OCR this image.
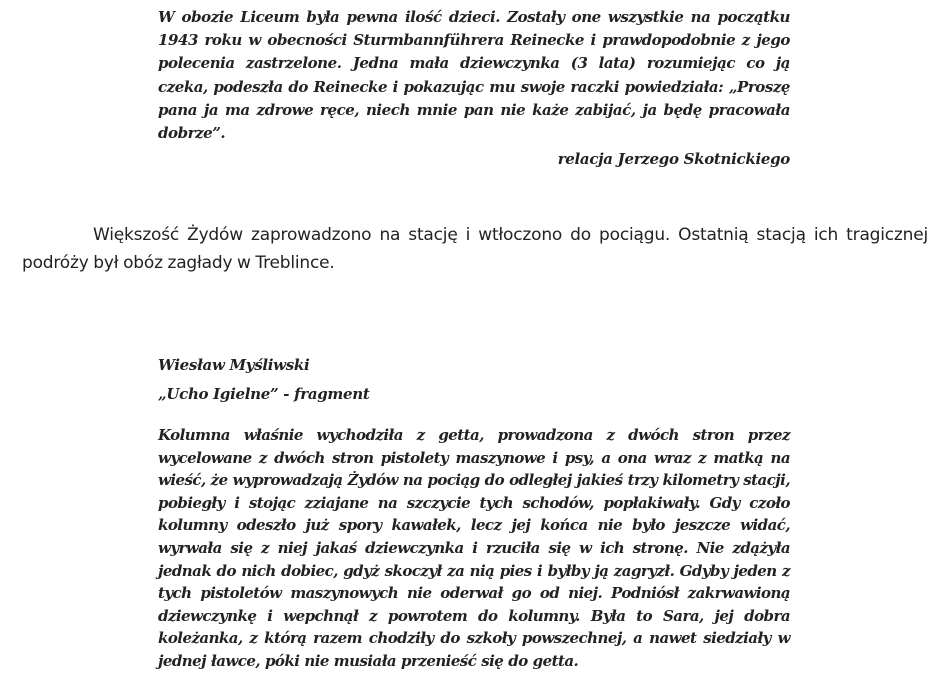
W obozie Liceum była pewna ilość dzieci. Zostały one wszystkie na początku 1943 roku w obecności Sturmbannführera Reinecke i prawdopodobnie z jego polecenia zastrzelone. Jedna mała dziewczynka (3 lata) rozumiejąc co ją czeka, podeszła do Reinecke i pokazując mu swoje raczki powiedziała: „Proszę pana ja ma zdrowe ręce, niech mnie pan nie każe zabijać, ja będę pracowała dobrze”.

relacja Jerzego Skotnickiego

Większość Żydów zaprowadzono na stację i wtłoczono do pociągu. Ostatnią stacją ich tragicznej podróży był obóz zagłady w Treblince.

Wiesław Myśliwski
„Ucho Igielne” - fragment

Kolumna właśnie wychodziła z getta, prowadzona z dwóch stron przez wycelowane z dwóch stron pistolety maszynowe i psy, a ona wraz z matką na wieść, że wyprowadzają Żydów na pociąg do odległej jakieś trzy kilometry stacji, pobiegły i stojąc zziajane na szczycie tych schodów, popłakiwały. Gdy czoło kolumny odeszło już spory kawałek, lecz jej końca nie było jeszcze widać, wyrwała się z niej jakaś dziewczynka i rzuciła się w ich stronę. Nie zdążyła jednak do nich dobiec, gdyż skoczył za nią pies i byłby ją zagryzł. Gdyby jeden z tych pistoletów maszynowych nie oderwał go od niej. Podniósł zakrwawioną dziewczynkę i wepchnął z powrotem do kolumny. Była to Sara, jej dobra koleżanka, z którą razem chodziły do szkoły powszechnej, a nawet siedziały w jednej ławce, póki nie musiała przenieść się do getta.
